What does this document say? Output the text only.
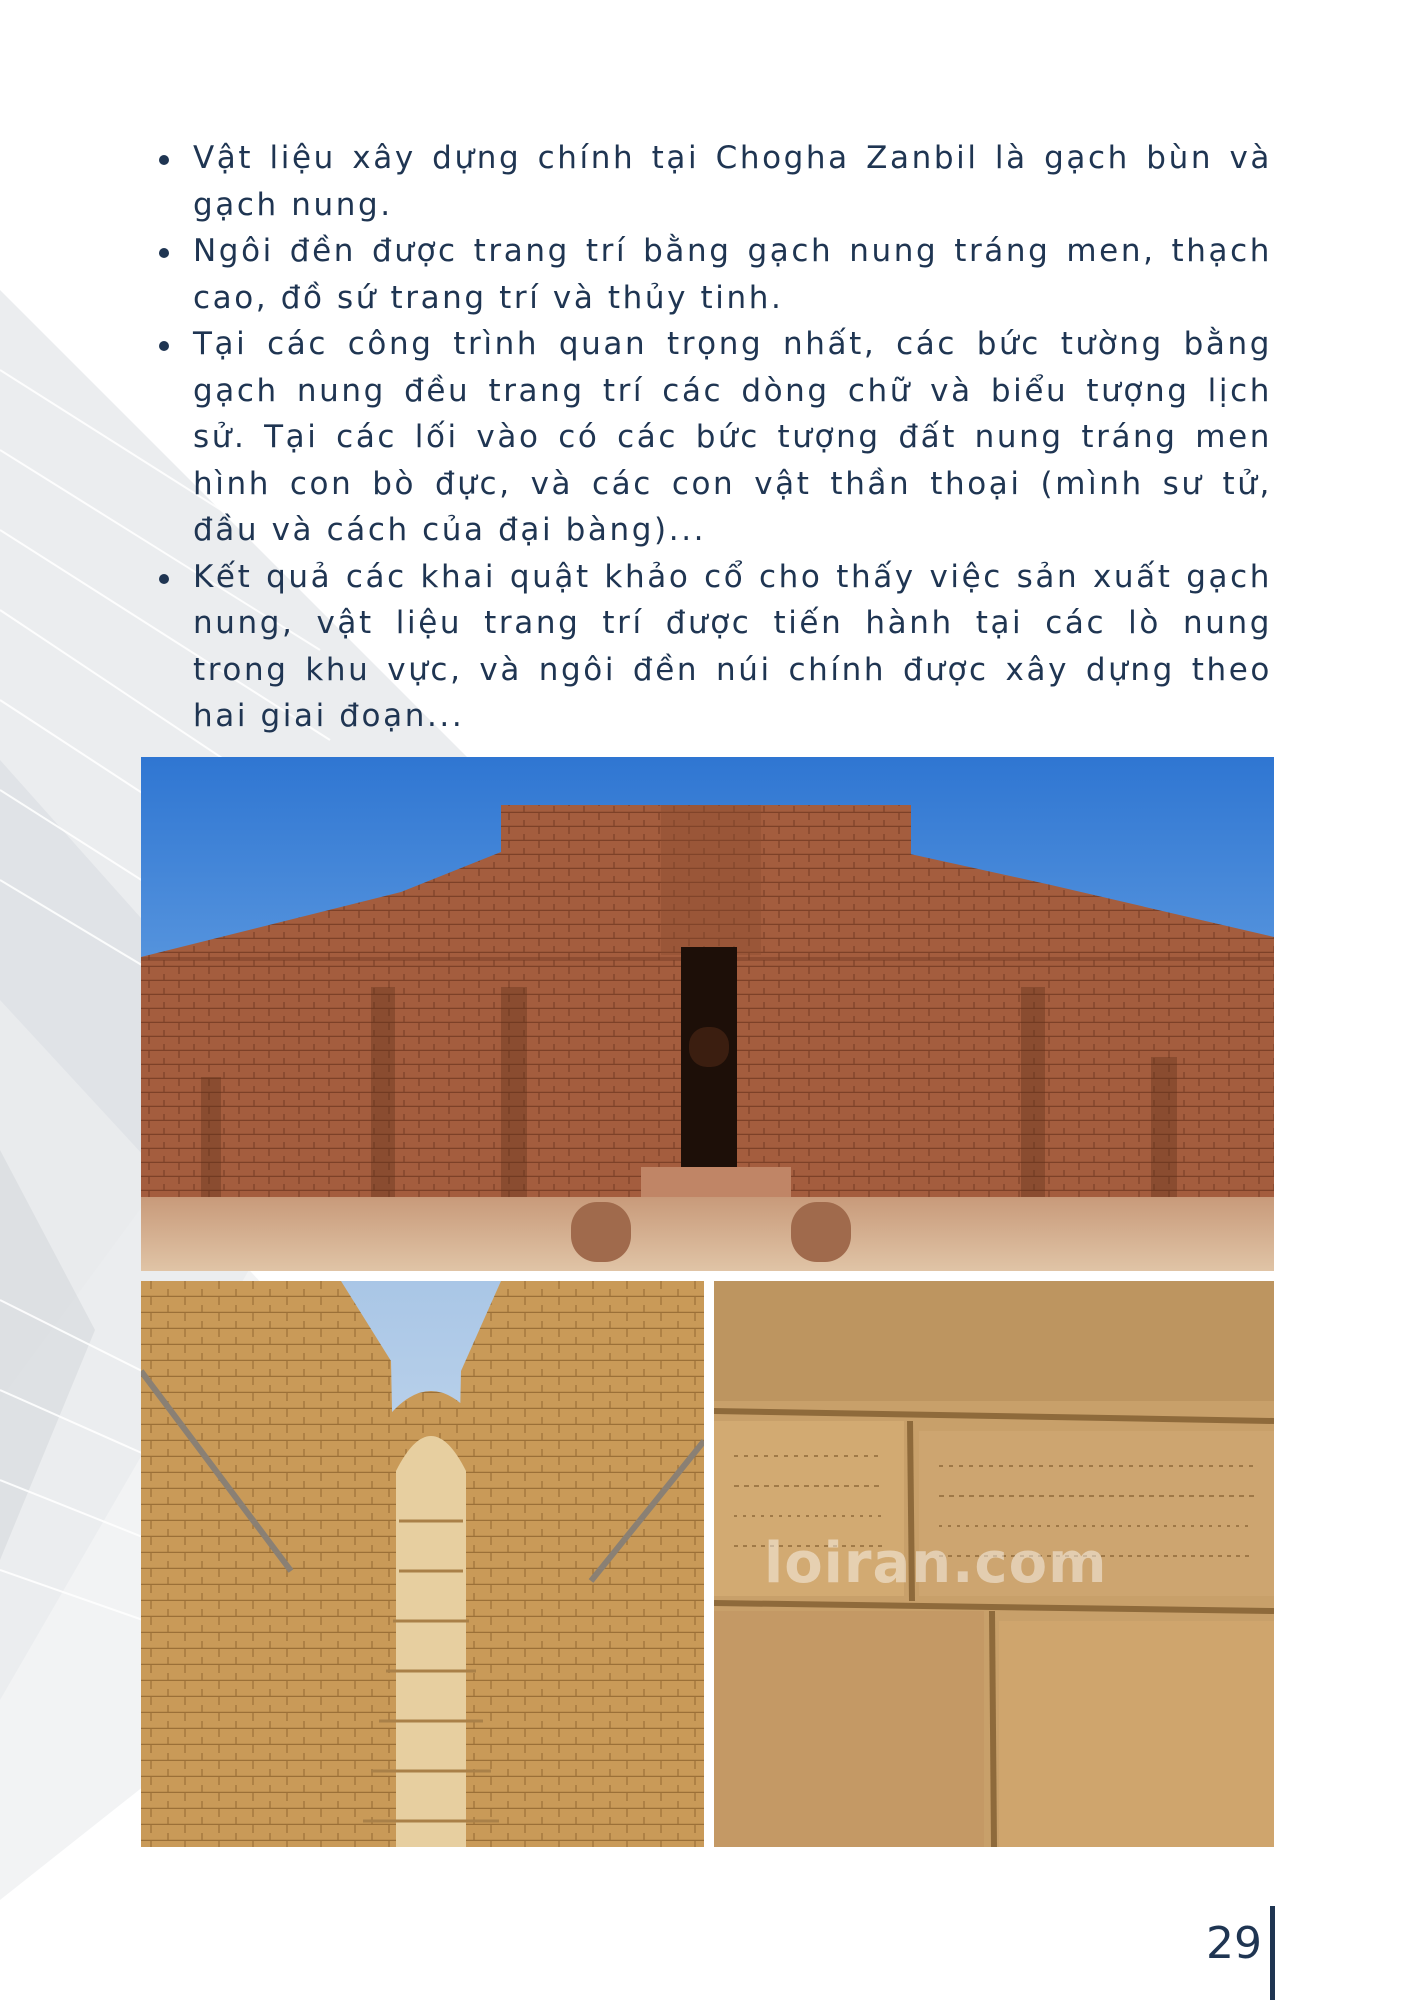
Vật liệu xây dựng chính tại Chogha Zanbil là gạch bùn và gạch nung.
Ngôi đền được trang trí bằng gạch nung tráng men, thạch cao, đồ sứ trang trí và thủy tinh.
Tại các công trình quan trọng nhất, các bức tường bằng gạch nung đều trang trí các dòng chữ và biểu tượng lịch sử. Tại các lối vào có các bức tượng đất nung tráng men hình con bò đực, và các con vật thần thoại (mình sư tử, đầu và cách của đại bàng)...
Kết quả các khai quật khảo cổ cho thấy việc sản xuất gạch nung, vật liệu trang trí được tiến hành tại các lò nung trong khu vực, và ngôi đền núi chính được xây dựng theo hai giai đoạn...
loiran.com
29
